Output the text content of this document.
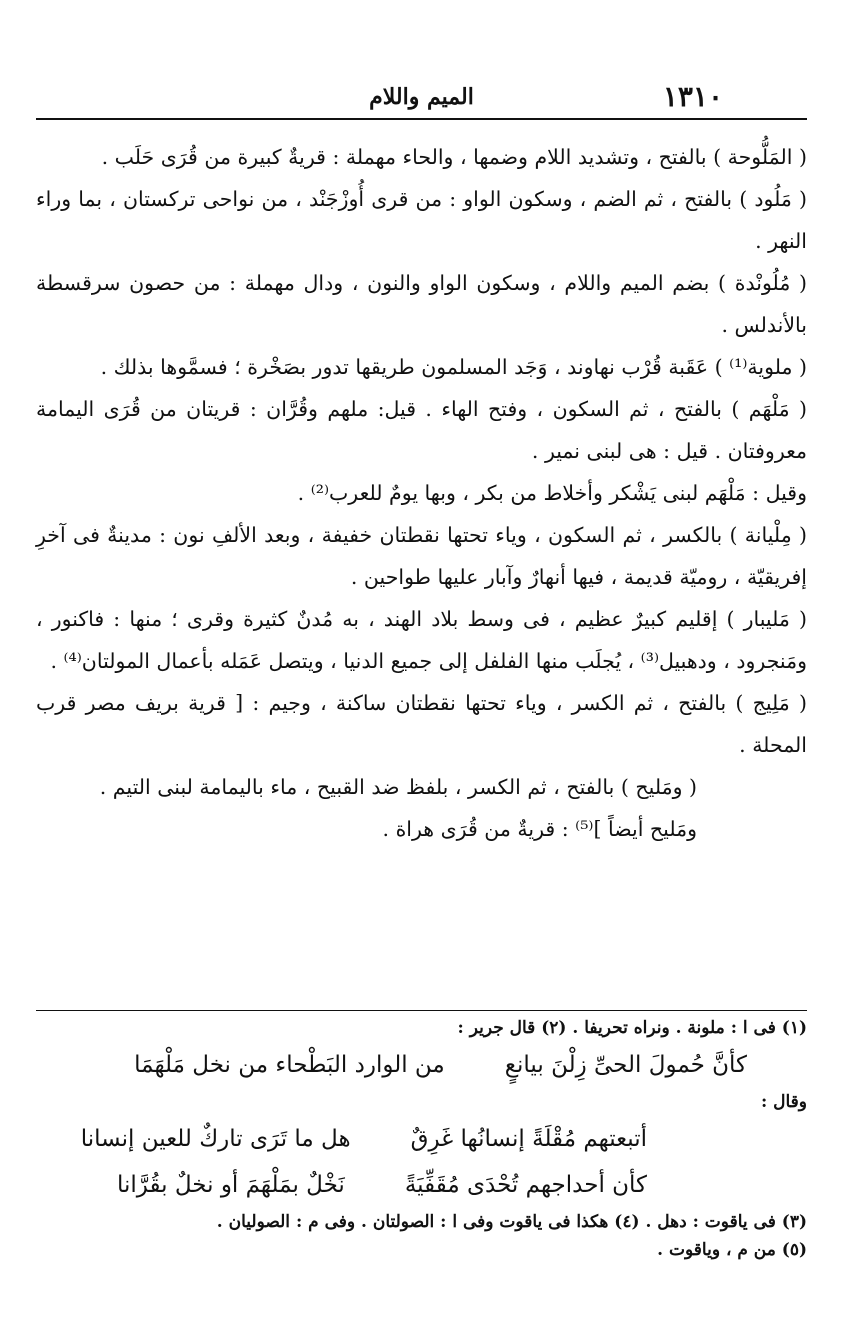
١٣١٠
الميم واللام

( المَلُّوحة ) بالفتح ، وتشديد اللام وضمها ، والحاء مهملة : قريةٌ كبيرة من قُرَى حَلَب .

( مَلُود ) بالفتح ، ثم الضم ، وسكون الواو : من قرى أُوزْجَنْد ، من نواحى تركستان ، بما وراء النهر .

( مُلُونْدة ) بضم الميم واللام ، وسكون الواو والنون ، ودال مهملة : من حصون سرقسطة بالأندلس .

( ملوية⁽¹⁾ ) عَقَبة قُرْب نهاوند ، وَجَد المسلمون طريقها تدور بصَخْرة ؛ فسمَّوها بذلك .

( مَلْهَم ) بالفتح ، ثم السكون ، وفتح الهاء . قيل: ملهم وقُرَّان : قريتان من قُرَى اليمامة معروفتان . قيل : هى لبنى نمير .

وقيل : مَلْهَم لبنى يَشْكر وأخلاط من بكر ، وبها يومٌ للعرب⁽²⁾ .

( مِلْيانة ) بالكسر ، ثم السكون ، وياء تحتها نقطتان خفيفة ، وبعد الألفِ نون : مدينةٌ فى آخرِ إفريقيّة ، روميّة قديمة ، فيها أنهارٌ وآبار عليها طواحين .

( مَليبار ) إقليم كبيرٌ عظيم ، فى وسط بلاد الهند ، به مُدنٌ كثيرة وقرى ؛ منها : فاكنور ، ومَنجرود ، ودهبيل⁽³⁾ ، يُجلَب منها الفلفل إلى جميع الدنيا ، ويتصل عَمَله بأعمال المولتان⁽⁴⁾ .

( مَلِيج ) بالفتح ، ثم الكسر ، وياء تحتها نقطتان ساكنة ، وجيم : [ قرية بريف مصر قرب المحلة .

( ومَليح ) بالفتح ، ثم الكسر ، بلفظ ضد القبيح ، ماء باليمامة لبنى التيم .

ومَليح أيضاً ]⁽⁵⁾ : قريةٌ من قُرَى هراة .

(١) فى ا : ملونة . ونراه تحريفا . (٢) قال جرير :

كأنَّ حُمولَ الحىِّ زِلْنَ بيانعٍ
من الوارد البَطْحاء من نخل مَلْهَمَا

وقال :

أتبعتهم مُقْلَةً إنسانُها غَرِقٌ
هل ما تَرَى تاركٌ للعين إنسانا
كأن أحداجهم تُحْدَى مُقَفِّيَةً
نَخْلٌ بمَلْهَمَ أو نخلٌ بقُرَّانا

(٣) فى ياقوت : دهل . (٤) هكذا فى ياقوت وفى ا : الصولتان . وفى م : الصوليان .

(٥) من م ، وياقوت .
